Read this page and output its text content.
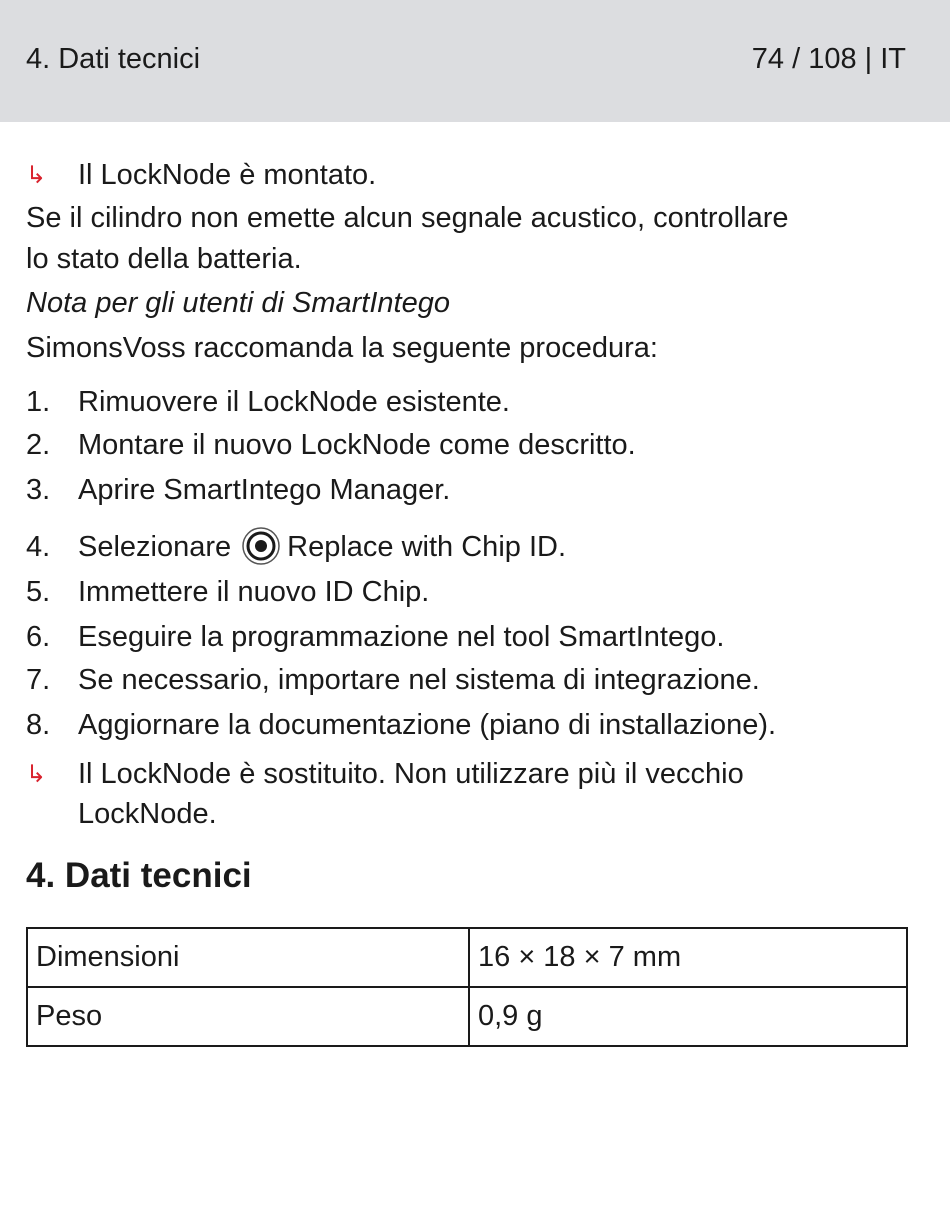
4. Dati tecnici	74 / 108 | IT
↳ Il LockNode è montato.
Se il cilindro non emette alcun segnale acustico, controllare
lo stato della batteria.
Nota per gli utenti di SmartIntego
SimonsVoss raccomanda la seguente procedura:
1. Rimuovere il LockNode esistente.
2. Montare il nuovo LockNode come descritto.
3. Aprire SmartIntego Manager.
4. Selezionare Replace with Chip ID.
5. Immettere il nuovo ID Chip.
6. Eseguire la programmazione nel tool SmartIntego.
7. Se necessario, importare nel sistema di integrazione.
8. Aggiornare la documentazione (piano di installazione).
↳ Il LockNode è sostituito. Non utilizzare più il vecchio
LockNode.
4. Dati tecnici
Dimensioni	16 × 18 × 7 mm
Peso	0,9 g
